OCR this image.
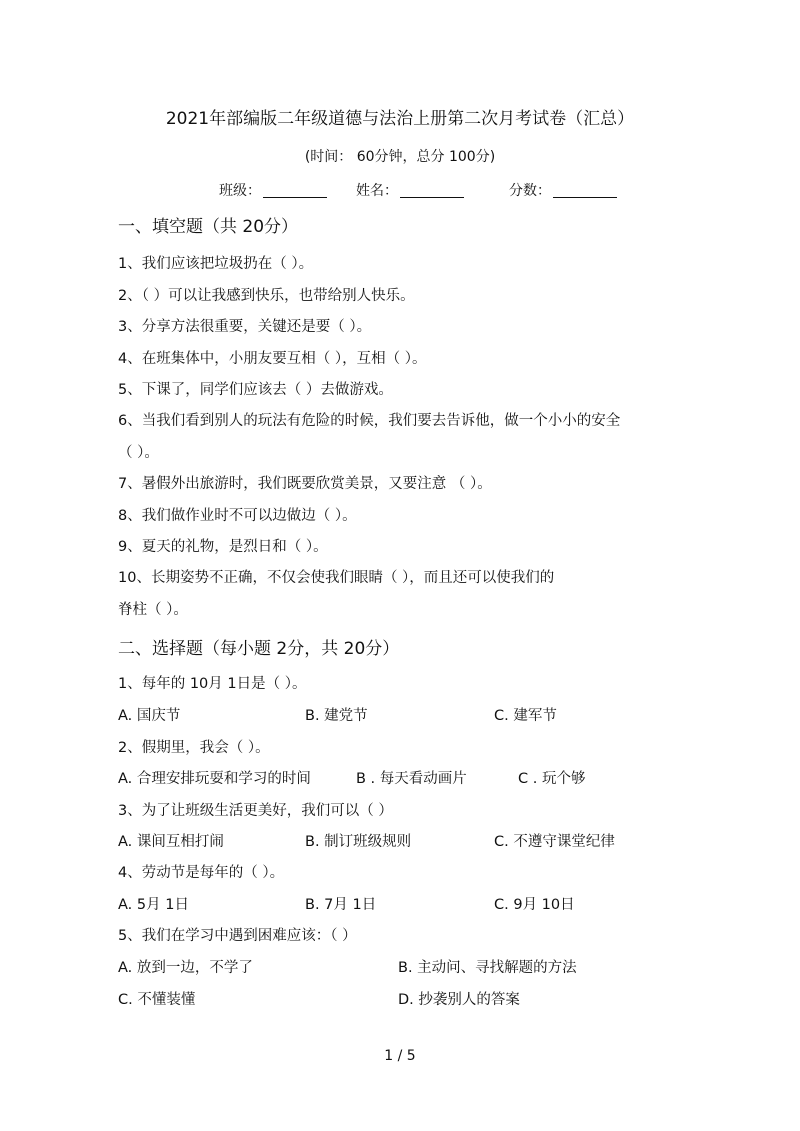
2021年部编版二年级道德与法治上册第二次月考试卷（汇总）
(时间： 60分钟，总分 100分)
班级：	姓名：	分数：
一、填空题（共 20分）
1、我们应该把垃圾扔在（ ）。
2、（ ）可以让我感到快乐，也带给别人快乐。
3、分享方法很重要，关键还是要（ ）。
4、在班集体中，小朋友要互相（ ），互相（ ）。
5、下课了，同学们应该去（ ）去做游戏。
6、当我们看到别人的玩法有危险的时候，我们要去告诉他，做一个小小的安全
（ ）。
7、暑假外出旅游时，我们既要欣赏美景，又要注意 （ ）。
8、我们做作业时不可以边做边（ ）。
9、夏天的礼物，是烈日和（ ）。
10、长期姿势不正确，不仅会使我们眼睛（ ），而且还可以使我们的
脊柱（ ）。
二、选择题（每小题 2分，共 20分）
1、每年的 10月 1日是（ ）。
A. 国庆节	B. 建党节	C. 建军节
2、假期里，我会（ ）。
A. 合理安排玩耍和学习的时间	B . 每天看动画片	C . 玩个够
3、为了让班级生活更美好，我们可以（ ）
A. 课间互相打闹	B. 制订班级规则	C. 不遵守课堂纪律
4、劳动节是每年的（ ）。
A. 5月 1日	B. 7月 1日	C. 9月 10日
5、我们在学习中遇到困难应该：（ ）
A. 放到一边，不学了	B. 主动问、寻找解题的方法
C. 不懂装懂	D. 抄袭别人的答案
1 / 5
